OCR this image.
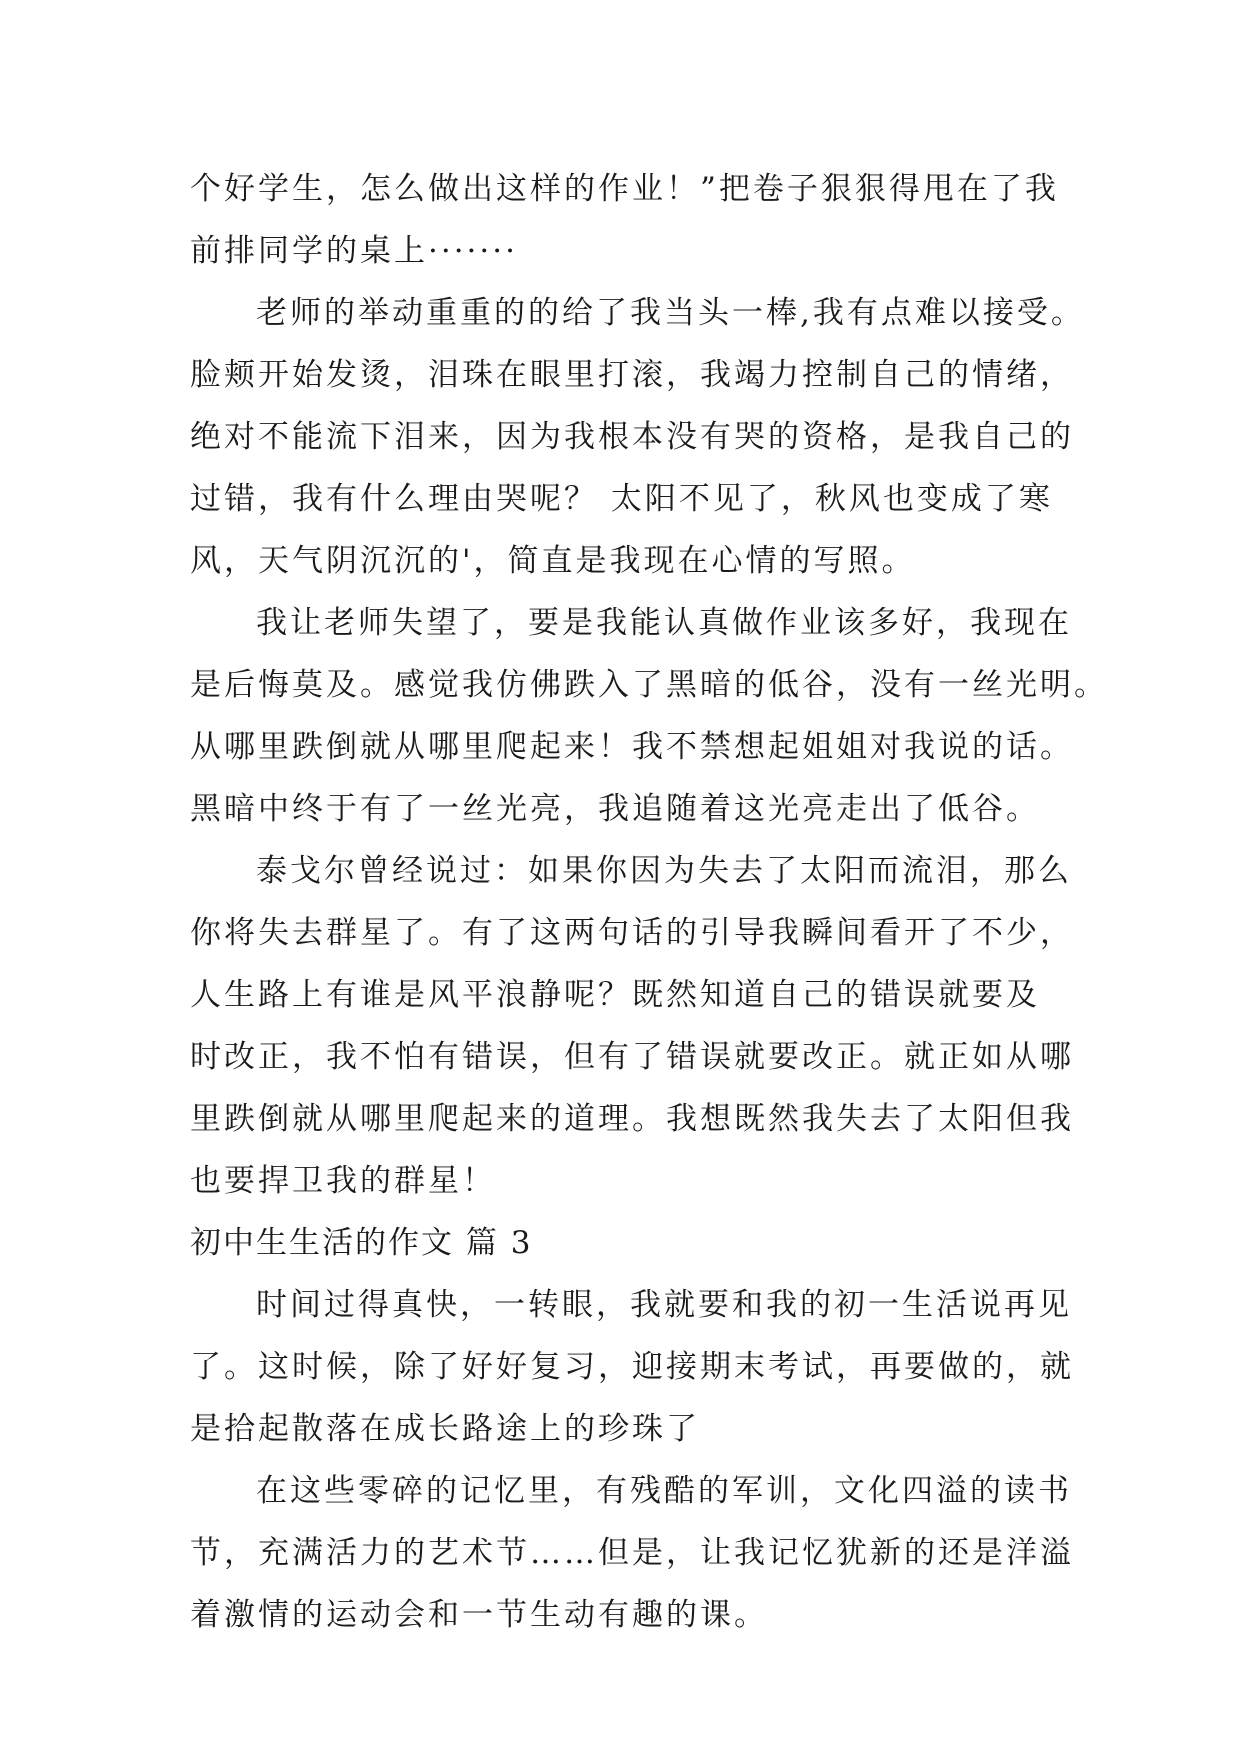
个好学生，怎么做出这样的作业！”把卷子狠狠得甩在了我
前排同学的桌上·······
老师的举动重重的的给了我当头一棒,我有点难以接受。
脸颊开始发烫，泪珠在眼里打滚，我竭力控制自己的情绪，
绝对不能流下泪来，因为我根本没有哭的资格，是我自己的
过错，我有什么理由哭呢？ 太阳不见了，秋风也变成了寒
风，天气阴沉沉的'，简直是我现在心情的写照。
我让老师失望了，要是我能认真做作业该多好，我现在
是后悔莫及。感觉我仿佛跌入了黑暗的低谷，没有一丝光明。
从哪里跌倒就从哪里爬起来！我不禁想起姐姐对我说的话。
黑暗中终于有了一丝光亮，我追随着这光亮走出了低谷。
泰戈尔曾经说过：如果你因为失去了太阳而流泪，那么
你将失去群星了。有了这两句话的引导我瞬间看开了不少，
人生路上有谁是风平浪静呢？既然知道自己的错误就要及
时改正，我不怕有错误，但有了错误就要改正。就正如从哪
里跌倒就从哪里爬起来的道理。我想既然我失去了太阳但我
也要捍卫我的群星！
初中生生活的作文 篇 3
时间过得真快，一转眼，我就要和我的初一生活说再见
了。这时候，除了好好复习，迎接期末考试，再要做的，就
是拾起散落在成长路途上的珍珠了
在这些零碎的记忆里，有残酷的军训，文化四溢的读书
节，充满活力的艺术节……但是，让我记忆犹新的还是洋溢
着激情的运动会和一节生动有趣的课。
